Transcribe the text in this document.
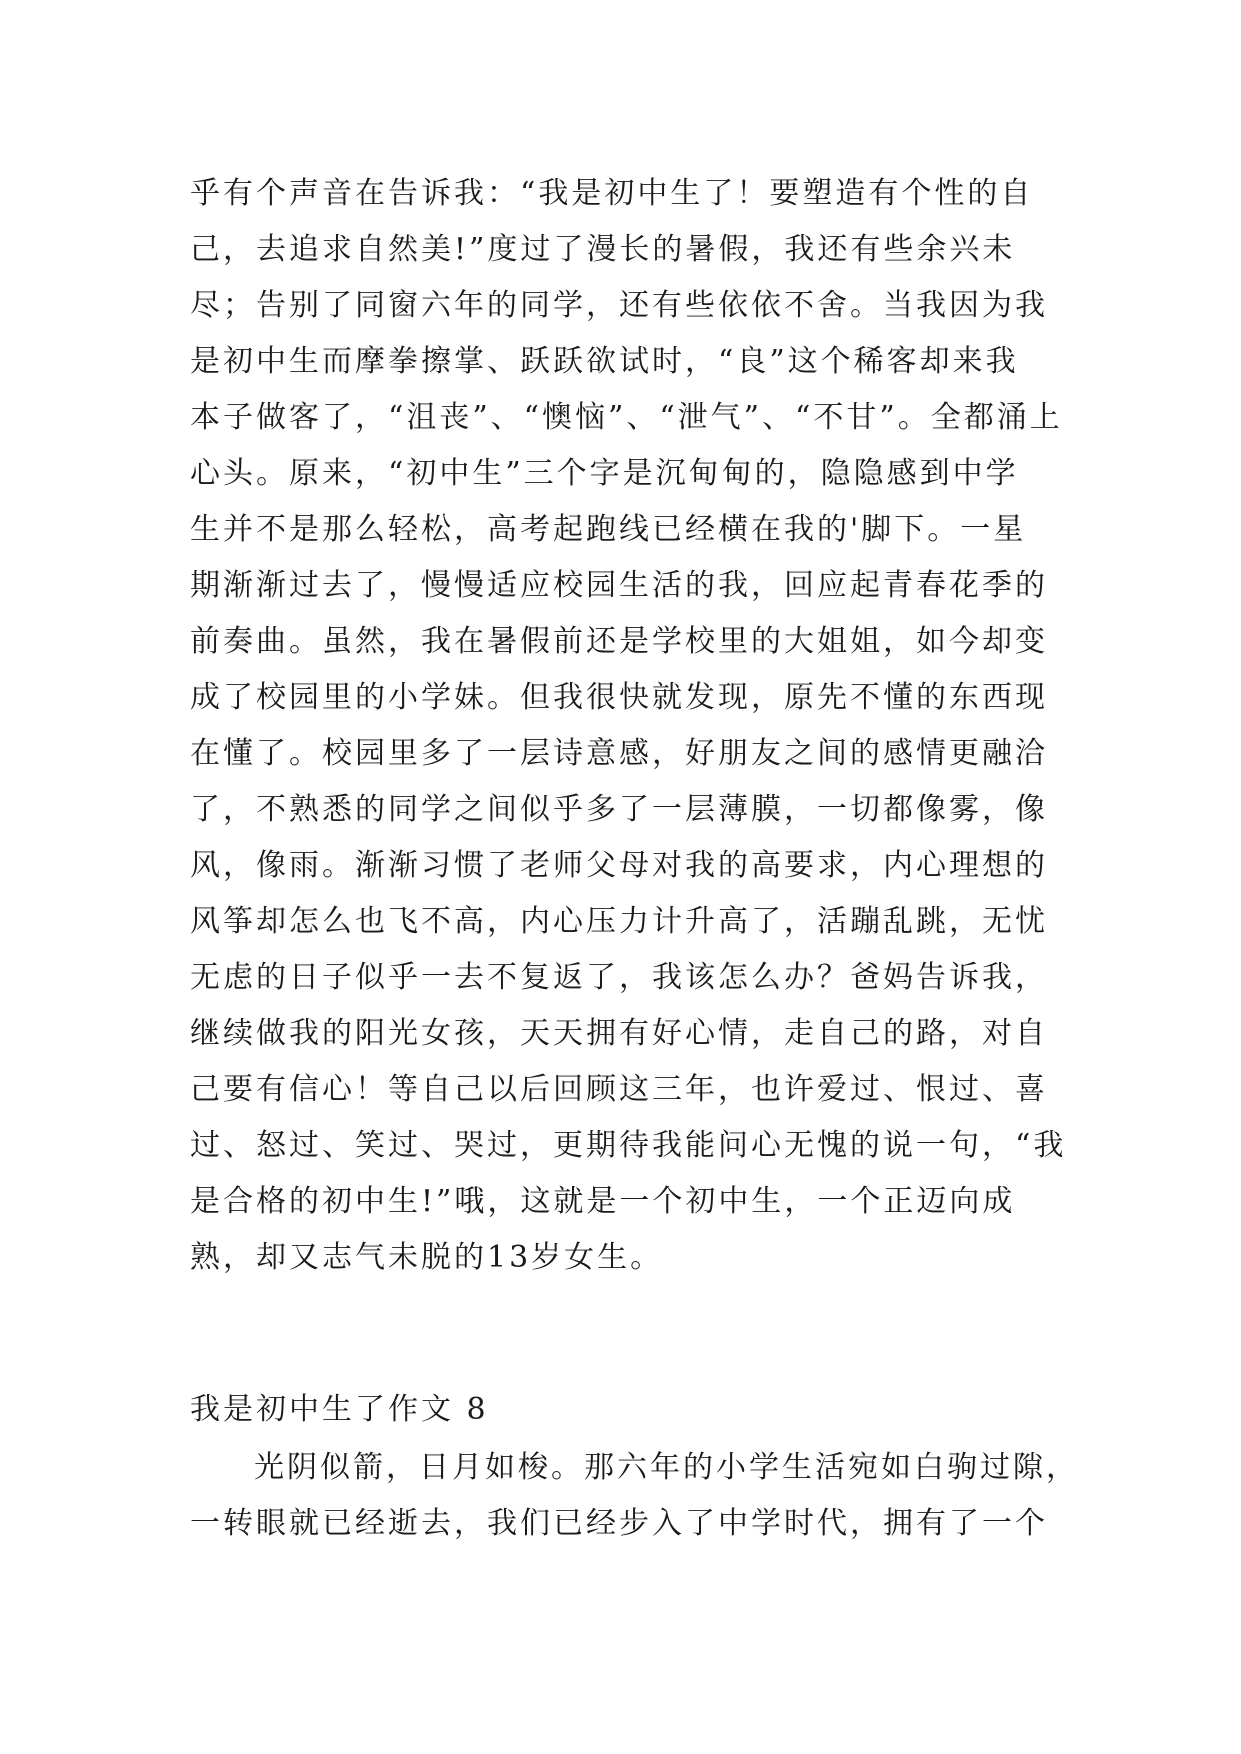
乎有个声音在告诉我：“我是初中生了！要塑造有个性的自
己，去追求自然美!”度过了漫长的暑假，我还有些余兴未
尽；告别了同窗六年的同学，还有些依依不舍。当我因为我
是初中生而摩拳擦掌、跃跃欲试时，“良”这个稀客却来我
本子做客了，“沮丧”、“懊恼”、“泄气”、“不甘”。全都涌上
心头。原来，“初中生”三个字是沉甸甸的，隐隐感到中学
生并不是那么轻松，高考起跑线已经横在我的'脚下。一星
期渐渐过去了，慢慢适应校园生活的我，回应起青春花季的
前奏曲。虽然，我在暑假前还是学校里的大姐姐，如今却变
成了校园里的小学妹。但我很快就发现，原先不懂的东西现
在懂了。校园里多了一层诗意感，好朋友之间的感情更融洽
了，不熟悉的同学之间似乎多了一层薄膜，一切都像雾，像
风，像雨。渐渐习惯了老师父母对我的高要求，内心理想的
风筝却怎么也飞不高，内心压力计升高了，活蹦乱跳，无忧
无虑的日子似乎一去不复返了，我该怎么办？爸妈告诉我，
继续做我的阳光女孩，天天拥有好心情，走自己的路，对自
己要有信心！等自己以后回顾这三年，也许爱过、恨过、喜
过、怒过、笑过、哭过，更期待我能问心无愧的说一句，“我
是合格的初中生!”哦，这就是一个初中生，一个正迈向成
熟，却又志气未脱的13岁女生。
我是初中生了作文 8
光阴似箭，日月如梭。那六年的小学生活宛如白驹过隙，
一转眼就已经逝去，我们已经步入了中学时代，拥有了一个
